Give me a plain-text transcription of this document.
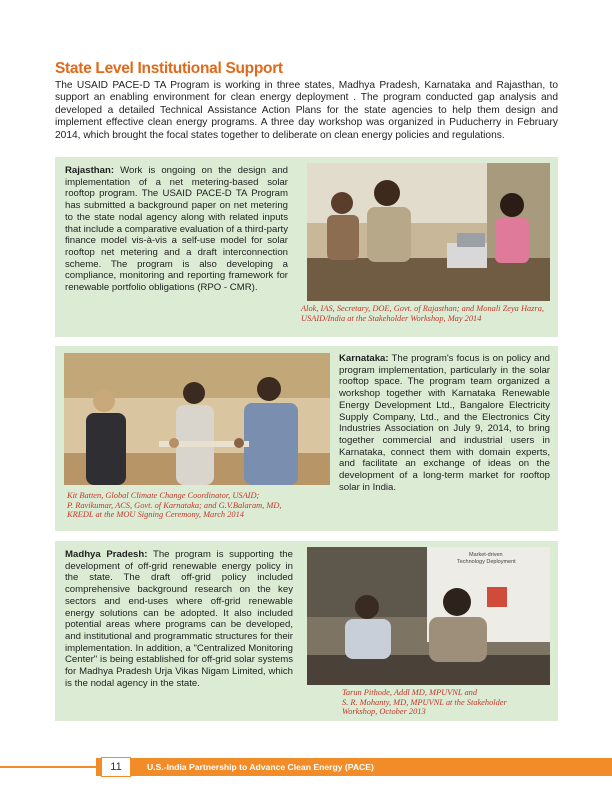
State Level Institutional Support
The USAID PACE-D TA Program is working in three states, Madhya Pradesh, Karnataka and Rajasthan, to support an enabling environment for clean energy deployment . The program conducted gap analysis and developed a detailed Technical Assistance Action Plans for the state agencies to help them design and implement effective clean energy programs. A three day workshop was organized in Puducherry in February 2014, which brought the focal states together to deliberate on clean energy policies and regulations.
Rajasthan: Work is ongoing on the design and implementation of a net metering-based solar rooftop program. The USAID PACE-D TA Program has submitted a background paper on net metering to the state nodal agency along with related inputs that include a comparative evaluation of a third-party finance model vis-à-vis a self-use model for solar rooftop net metering and a draft interconnection scheme. The program is also developing a compliance, monitoring and reporting framework for renewable portfolio obligations (RPO - CMR).
Alok, IAS, Secretary, DOE, Govt. of Rajasthan; and Monali Zeya Hazra, USAID/India at the Stakeholder Workshop, May 2014
Kit Batten, Global Climate Change Coordinator, USAID;
P. Ravikumar, ACS, Govt. of Karnataka; and G.V.Balaram, MD,
KREDL at the MOU Signing Ceremony, March 2014
Karnataka: The program's focus is on policy and program implementation, particularly in the solar rooftop space. The program team organized a workshop together with Karnataka Renewable Energy Development Ltd., Bangalore Electricity Supply Company, Ltd., and the Electronics City Industries Association on July 9, 2014, to bring together commercial and industrial users in Karnataka, connect them with domain experts, and facilitate an exchange of ideas on the development of a long-term market for rooftop solar in India.
Madhya Pradesh: The program is supporting the development of off-grid renewable energy policy in the state. The draft off-grid policy included comprehensive background research on the key sectors and end-uses where off-grid renewable energy solutions can be adopted. It also included potential areas where programs can be developed, and institutional and programmatic structures for their implementation. In addition, a "Centralized Monitoring Center" is being established for off-grid solar systems for Madhya Pradesh Urja Vikas Nigam Limited, which is the nodal agency in the state.
Market-driven
Technology Deployment
Tarun Pithode, Addl MD, MPUVNL and
S. R. Mohanty, MD, MPUVNL at the Stakeholder
Workshop, October 2013
11	U.S.-India Partnership to Advance Clean Energy (PACE)
